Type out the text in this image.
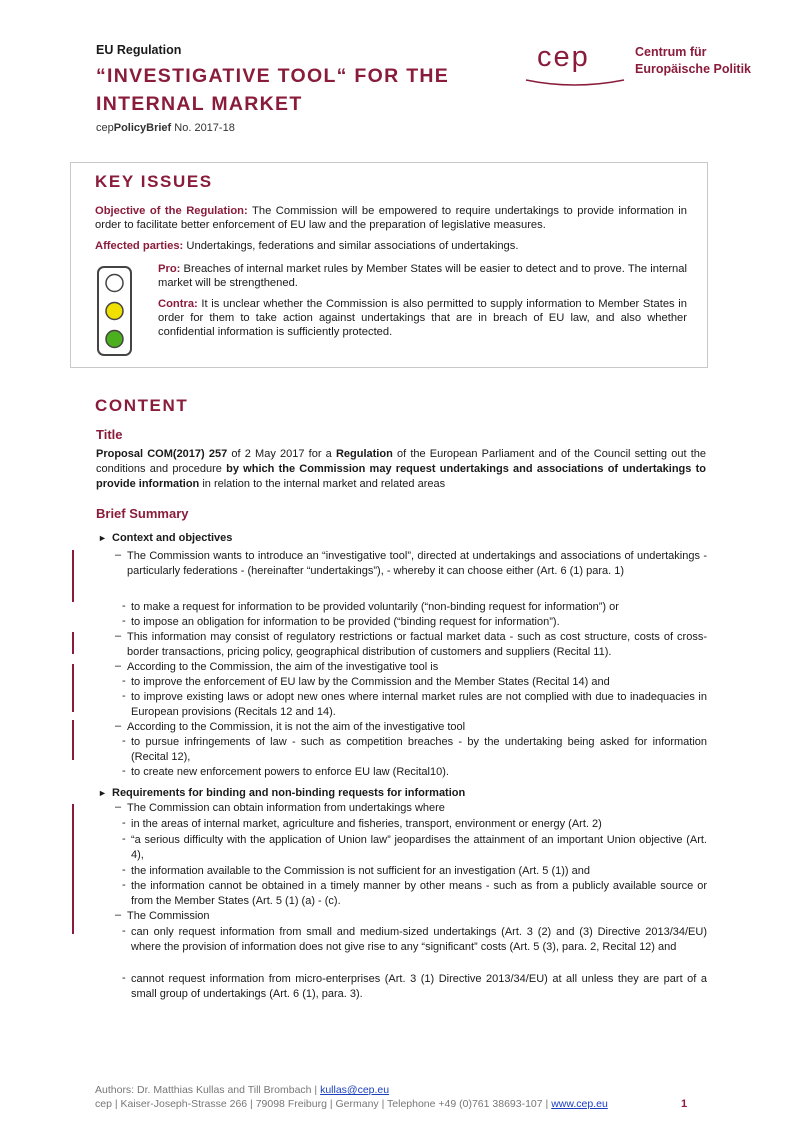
EU Regulation
“INVESTIGATIVE TOOL“ FOR THE
INTERNAL MARKET
cepPolicyBrief No. 2017-18
cep	Centrum für
Europäische Politik
KEY ISSUES
Objective of the Regulation: The Commission will be empowered to require undertakings to provide information in order to facilitate better enforcement of EU law and the preparation of legislative measures.
Affected parties: Undertakings, federations and similar associations of undertakings.
Pro: Breaches of internal market rules by Member States will be easier to detect and to prove. The internal market will be strengthened.
Contra: It is unclear whether the Commission is also permitted to supply information to Member States in order for them to take action against undertakings that are in breach of EU law, and also whether confidential information is sufficiently protected.
CONTENT
Title
Proposal COM(2017) 257 of 2 May 2017 for a Regulation of the European Parliament and of the Council setting out the conditions and procedure by which the Commission may request undertakings and associations of undertakings to provide information in relation to the internal market and related areas
Brief Summary
► Context and objectives
– The Commission wants to introduce an “investigative tool”, directed at undertakings and associations of undertakings - particularly federations - (hereinafter “undertakings”), - whereby it can choose either (Art. 6 (1) para. 1)
- to make a request for information to be provided voluntarily (“non-binding request for information”) or
- to impose an obligation for information to be provided (“binding request for information”).
– This information may consist of regulatory restrictions or factual market data - such as cost structure, costs of cross-border transactions, pricing policy, geographical distribution of customers and suppliers (Recital 11).
– According to the Commission, the aim of the investigative tool is
- to improve the enforcement of EU law by the Commission and the Member States (Recital 14) and
- to improve existing laws or adopt new ones where internal market rules are not complied with due to inadequacies in European provisions (Recitals 12 and 14).
– According to the Commission, it is not the aim of the investigative tool
- to pursue infringements of law - such as competition breaches - by the undertaking being asked for information (Recital 12),
- to create new enforcement powers to enforce EU law (Recital10).
► Requirements for binding and non-binding requests for information
– The Commission can obtain information from undertakings where
- in the areas of internal market, agriculture and fisheries, transport, environment or energy (Art. 2)
- “a serious difficulty with the application of Union law” jeopardises the attainment of an important Union objective (Art. 4),
- the information available to the Commission is not sufficient for an investigation (Art. 5 (1)) and
- the information cannot be obtained in a timely manner by other means - such as from a publicly available source or from the Member States (Art. 5 (1) (a) - (c).
– The Commission
- can only request information from small and medium-sized undertakings (Art. 3 (2) and (3) Directive 2013/34/EU) where the provision of information does not give rise to any “significant” costs (Art. 5 (3), para. 2, Recital 12) and
- cannot request information from micro-enterprises (Art. 3 (1) Directive 2013/34/EU) at all unless they are part of a small group of undertakings (Art. 6 (1), para. 3).
Authors: Dr. Matthias Kullas and Till Brombach | kullas@cep.eu
cep | Kaiser-Joseph-Strasse 266 | 79098 Freiburg | Germany | Telephone +49 (0)761 38693-107 | www.cep.eu	1
